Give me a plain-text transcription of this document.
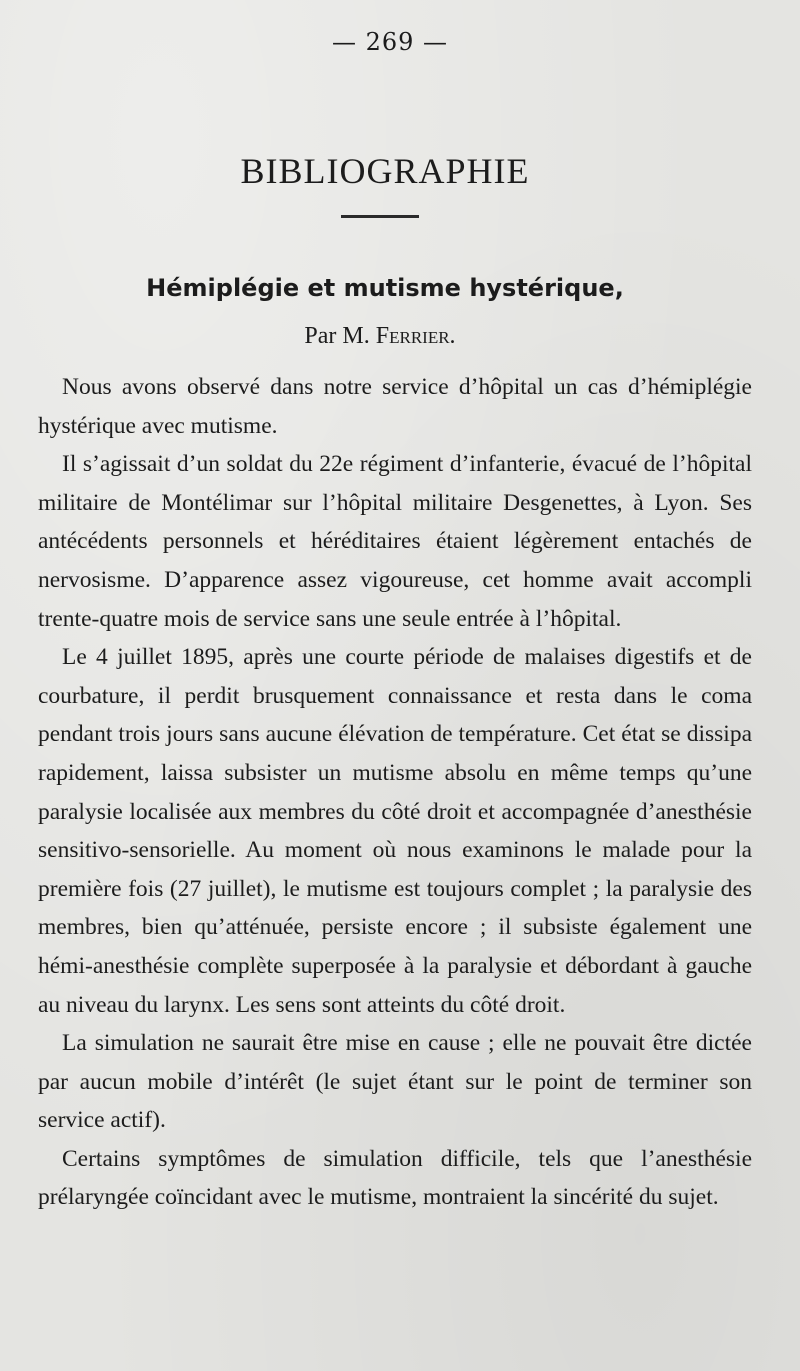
— 269 —
BIBLIOGRAPHIE
Hémiplégie et mutisme hystérique,
Par M. Ferrier.

Nous avons observé dans notre service d’hôpital un cas d’hémiplégie hystérique avec mutisme.

Il s’agissait d’un soldat du 22e régiment d’infanterie, évacué de l’hôpital militaire de Montélimar sur l’hôpital militaire Desgenettes, à Lyon. Ses antécédents personnels et héréditaires étaient légèrement entachés de nervosisme. D’apparence assez vigoureuse, cet homme avait accompli trente-quatre mois de service sans une seule entrée à l’hôpital.

Le 4 juillet 1895, après une courte période de malaises digestifs et de courbature, il perdit brusquement connaissance et resta dans le coma pendant trois jours sans aucune élévation de température. Cet état se dissipa rapidement, laissa subsister un mutisme absolu en même temps qu’une paralysie localisée aux membres du côté droit et accompagnée d’anesthésie sensitivo-sensorielle. Au moment où nous examinons le malade pour la première fois (27 juillet), le mutisme est toujours complet ; la paralysie des membres, bien qu’atténuée, persiste encore ; il subsiste également une hémi-anesthésie complète superposée à la paralysie et débordant à gauche au niveau du larynx. Les sens sont atteints du côté droit.

La simulation ne saurait être mise en cause ; elle ne pouvait être dictée par aucun mobile d’intérêt (le sujet étant sur le point de terminer son service actif).

Certains symptômes de simulation difficile, tels que l’anesthésie prélaryngée coïncidant avec le mutisme, montraient la sincérité du sujet.
